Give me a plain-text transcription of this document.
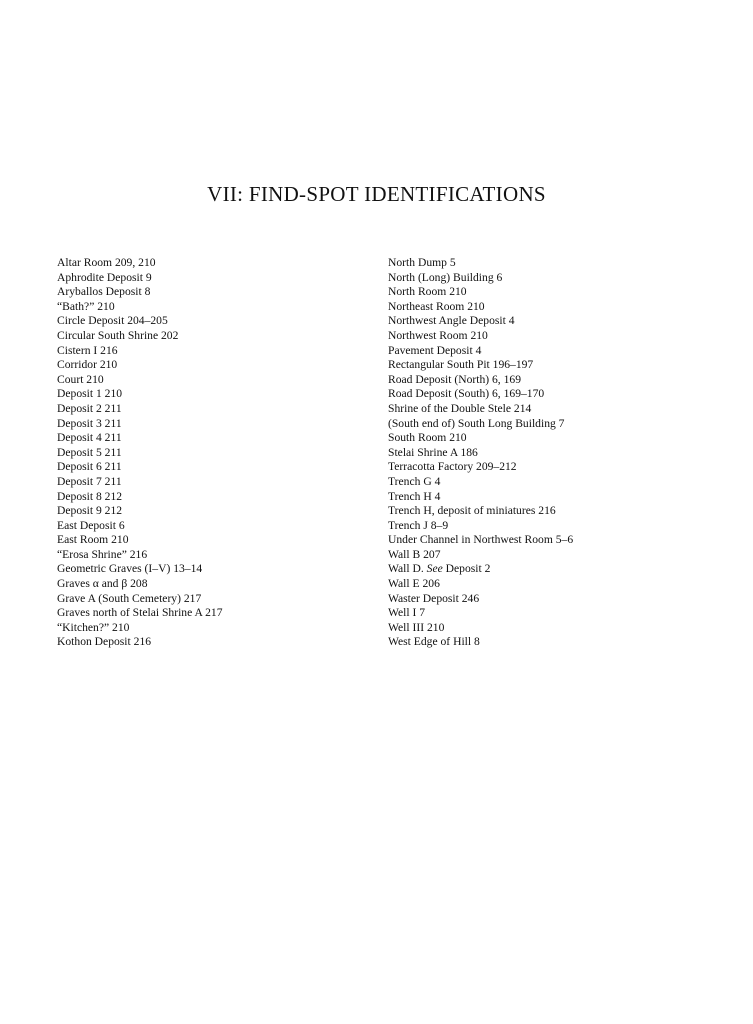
VII: FIND-SPOT IDENTIFICATIONS
Altar Room 209, 210
Aphrodite Deposit 9
Aryballos Deposit 8
“Bath?” 210
Circle Deposit 204–205
Circular South Shrine 202
Cistern I 216
Corridor 210
Court 210
Deposit 1 210
Deposit 2 211
Deposit 3 211
Deposit 4 211
Deposit 5 211
Deposit 6 211
Deposit 7 211
Deposit 8 212
Deposit 9 212
East Deposit 6
East Room 210
“Erosa Shrine” 216
Geometric Graves (I–V) 13–14
Graves α and β 208
Grave A (South Cemetery) 217
Graves north of Stelai Shrine A 217
“Kitchen?” 210
Kothon Deposit 216
North Dump 5
North (Long) Building 6
North Room 210
Northeast Room 210
Northwest Angle Deposit 4
Northwest Room 210
Pavement Deposit 4
Rectangular South Pit 196–197
Road Deposit (North) 6, 169
Road Deposit (South) 6, 169–170
Shrine of the Double Stele 214
(South end of) South Long Building 7
South Room 210
Stelai Shrine A 186
Terracotta Factory 209–212
Trench G 4
Trench H 4
Trench H, deposit of miniatures 216
Trench J 8–9
Under Channel in Northwest Room 5–6
Wall B 207
Wall D. See Deposit 2
Wall E 206
Waster Deposit 246
Well I 7
Well III 210
West Edge of Hill 8
